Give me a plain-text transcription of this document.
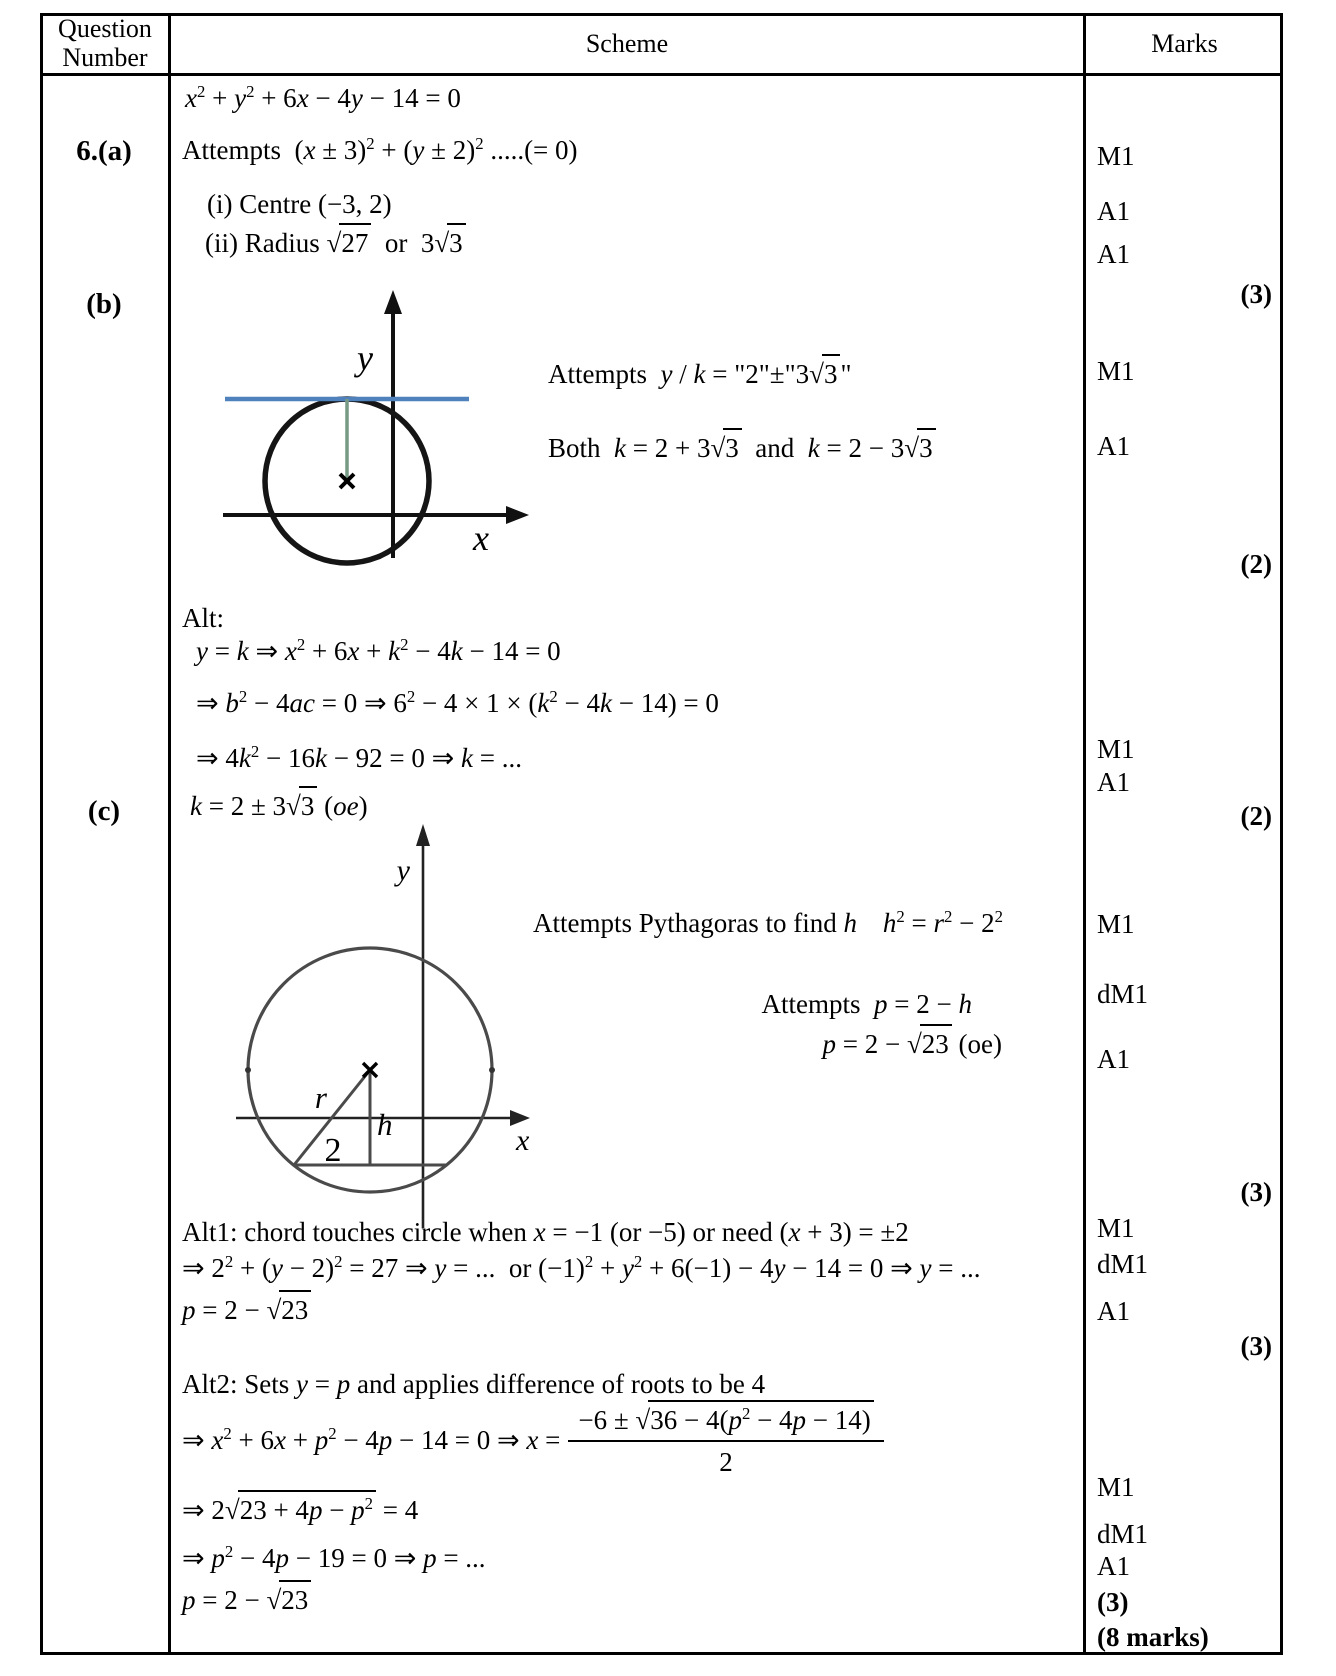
Question Number	Scheme	Marks
6.(a)
(b)
(c)
$x^2 + y^2 + 6x - 4y - 14 = 0$
Attempts $(x \pm 3)^2 + (y \pm 2)^2$ .....(= 0)
(i) Centre (−3, 2)
(ii) Radius √27 or 3√3
y
x
Attempts y / k = "2"±"3√3 "
Both k = 2 + 3√3 and k = 2 − 3√3
Alt:
y = k ⇒ $x^2 + 6x + k^2 - 4k - 14 = 0$
⇒ $b^2 - 4ac = 0$ ⇒ $6^2 - 4 \times 1 \times (k^2 - 4k - 14) = 0$
⇒ $4k^2 - 16k - 92 = 0$ ⇒ k = ...
k = 2 ± 3√3 (oe)
r
h
2
y
x
Attempts Pythagoras to find h $h^2 = r^2 - 2^2$
Attempts p = 2 − h
p = 2 − √23 (oe)
Alt1: chord touches circle when x = −1 (or −5) or need (x + 3) = ±2
⇒ $2^2 + (y - 2)^2 = 27$ ⇒ y = ... or $(-1)^2 + y^2 + 6(-1) - 4y - 14 = 0$ ⇒ y = ...
p = 2 − √23
Alt2: Sets y = p and applies difference of roots to be 4
⇒ $x^2 + 6x + p^2 - 4p - 14 = 0$ ⇒ $x = \frac{-6 \pm √36 - 4(p^2 - 4p - 14)}{2}$
⇒ $2√23 + 4p - p^2 = 4$
⇒ $p^2 - 4p - 19 = 0$ ⇒ p = ...
p = 2 − √23
M1
A1
A1
(3)
M1
A1
(2)
M1
A1
(2)
M1
dM1
A1
(3)
M1
dM1
A1
(3)
M1
dM1
A1
(3)
(8 marks)
